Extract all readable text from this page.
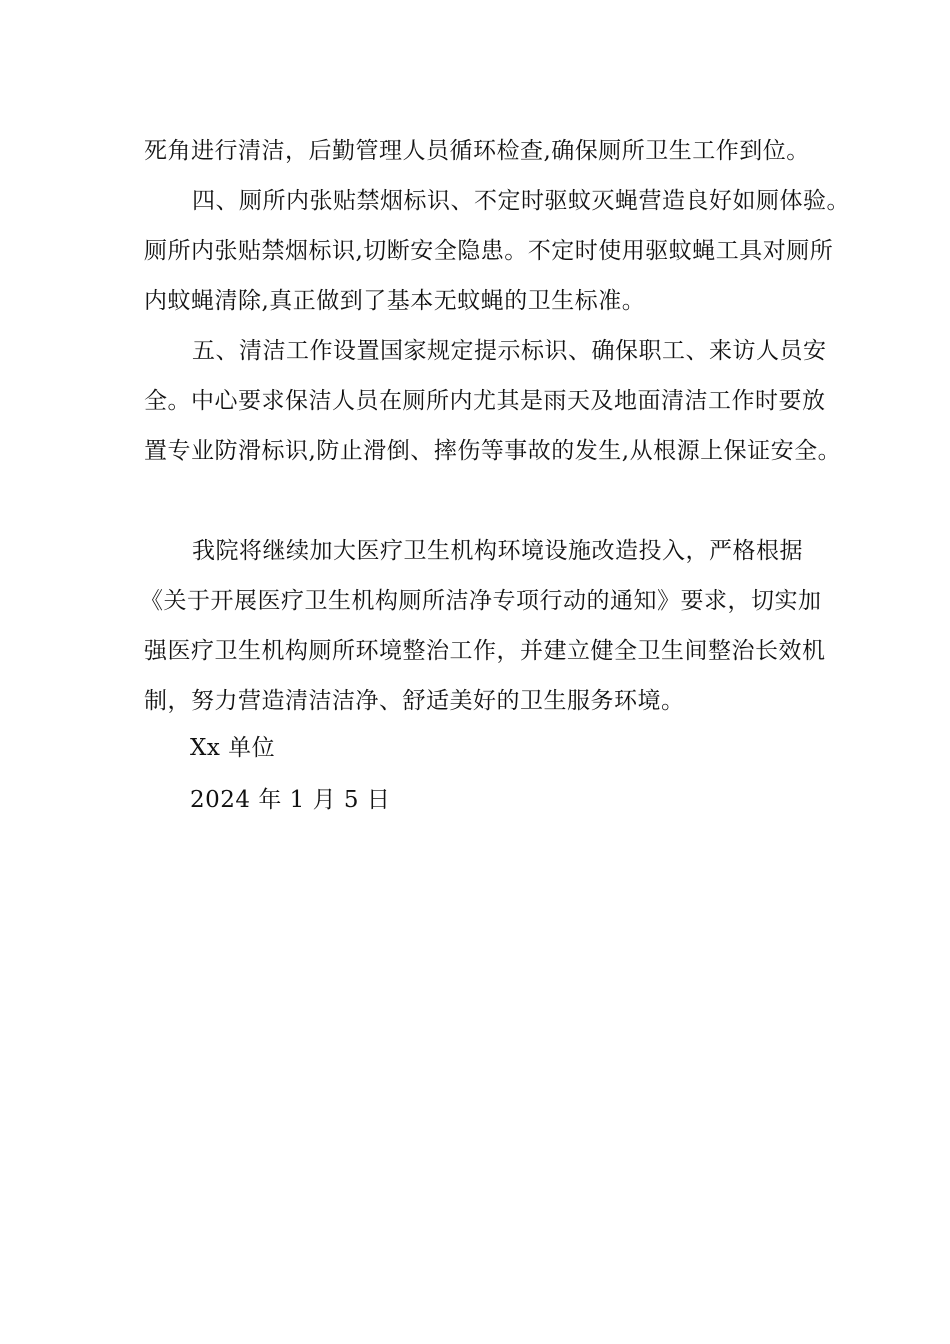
死角进行清洁，后勤管理人员循环检查,确保厕所卫生工作到位。
四、厕所内张贴禁烟标识、不定时驱蚊灭蝇营造良好如厕体验。
厕所内张贴禁烟标识,切断安全隐患。不定时使用驱蚊蝇工具对厕所
内蚊蝇清除,真正做到了基本无蚊蝇的卫生标准。
五、清洁工作设置国家规定提示标识、确保职工、来访人员安
全。中心要求保洁人员在厕所内尤其是雨天及地面清洁工作时要放
置专业防滑标识,防止滑倒、摔伤等事故的发生,从根源上保证安全。
我院将继续加大医疗卫生机构环境设施改造投入，严格根据
《关于开展医疗卫生机构厕所洁净专项行动的通知》要求，切实加
强医疗卫生机构厕所环境整治工作，并建立健全卫生间整治长效机
制，努力营造清洁洁净、舒适美好的卫生服务环境。
Xx 单位
2024 年 1 月 5 日
